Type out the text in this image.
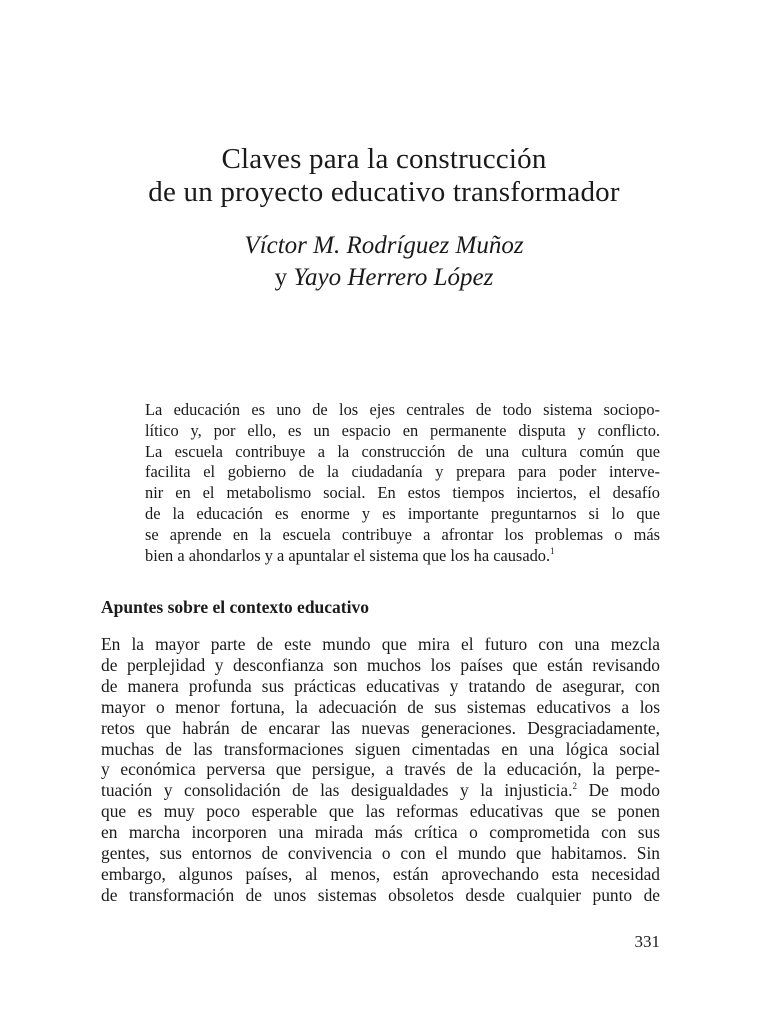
Claves para la construcción
de un proyecto educativo transformador
Víctor M. Rodríguez Muñoz
y Yayo Herrero López
La educación es uno de los ejes centrales de todo sistema sociopo-
lítico y, por ello, es un espacio en permanente disputa y conflicto.
La escuela contribuye a la construcción de una cultura común que
facilita el gobierno de la ciudadanía y prepara para poder interve-
nir en el metabolismo social. En estos tiempos inciertos, el desafío
de la educación es enorme y es importante preguntarnos si lo que
se aprende en la escuela contribuye a afrontar los problemas o más
bien a ahondarlos y a apuntalar el sistema que los ha causado.$^1$
Apuntes sobre el contexto educativo
En la mayor parte de este mundo que mira el futuro con una mezcla
de perplejidad y desconfianza son muchos los países que están revisando
de manera profunda sus prácticas educativas y tratando de asegurar, con
mayor o menor fortuna, la adecuación de sus sistemas educativos a los
retos que habrán de encarar las nuevas generaciones. Desgraciadamente,
muchas de las transformaciones siguen cimentadas en una lógica social
y económica perversa que persigue, a través de la educación, la perpe-
tuación y consolidación de las desigualdades y la injusticia.$^2$ De modo
que es muy poco esperable que las reformas educativas que se ponen
en marcha incorporen una mirada más crítica o comprometida con sus
gentes, sus entornos de convivencia o con el mundo que habitamos. Sin
embargo, algunos países, al menos, están aprovechando esta necesidad
de transformación de unos sistemas obsoletos desde cualquier punto de
331
